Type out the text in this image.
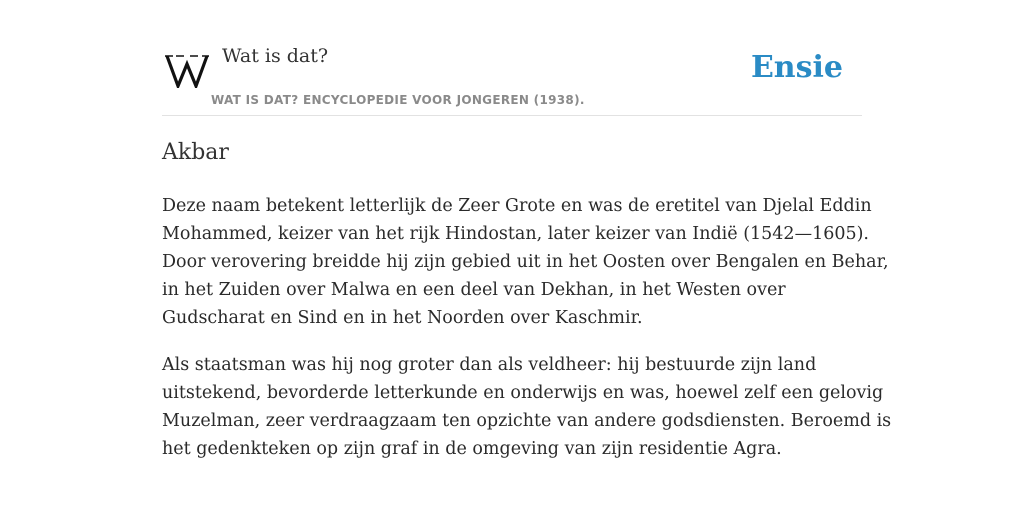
Wat is dat?
WAT IS DAT? ENCYCLOPEDIE VOOR JONGEREN (1938).
Ensie
Akbar

Deze naam betekent letterlijk de Zeer Grote en was de eretitel van Djelal Eddin
Mohammed, keizer van het rijk Hindostan, later keizer van Indië (1542—1605).
Door verovering breidde hij zijn gebied uit in het Oosten over Bengalen en Behar,
in het Zuiden over Malwa en een deel van Dekhan, in het Westen over
Gudscharat en Sind en in het Noorden over Kaschmir.

Als staatsman was hij nog groter dan als veldheer: hij bestuurde zijn land
uitstekend, bevorderde letterkunde en onderwijs en was, hoewel zelf een gelovig
Muzelman, zeer verdraagzaam ten opzichte van andere godsdiensten. Beroemd is
het gedenkteken op zijn graf in de omgeving van zijn residentie Agra.
